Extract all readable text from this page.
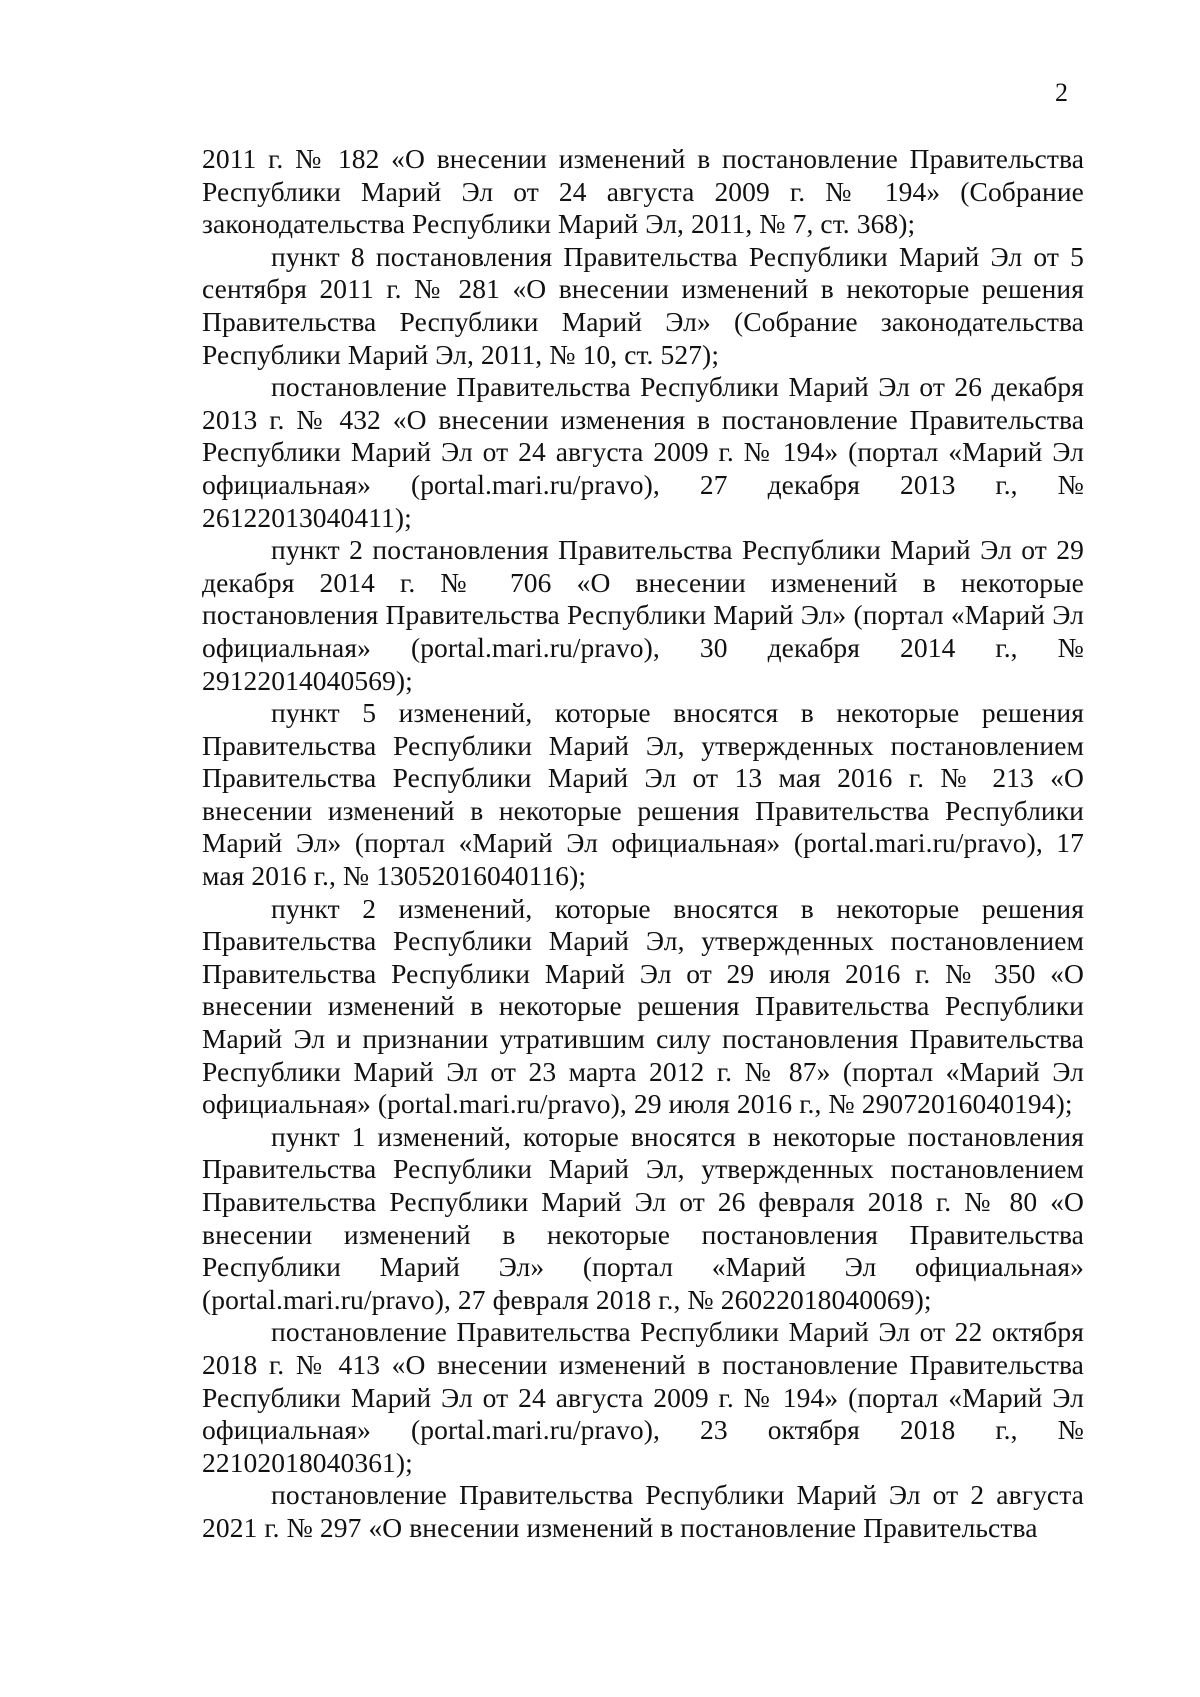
2

2011 г. № 182 «О внесении изменений в постановление Правительства Республики Марий Эл от 24 августа 2009 г. № 194» (Собрание законодательства Республики Марий Эл, 2011, № 7, ст. 368);

пункт 8 постановления Правительства Республики Марий Эл от 5 сентября 2011 г. № 281 «О внесении изменений в некоторые решения Правительства Республики Марий Эл» (Собрание законодательства Республики Марий Эл, 2011, № 10, ст. 527);

постановление Правительства Республики Марий Эл от 26 декабря 2013 г. № 432 «О внесении изменения в постановление Правительства Республики Марий Эл от 24 августа 2009 г. № 194» (портал «Марий Эл официальная» (portal.mari.ru/pravo), 27 декабря 2013 г., № 26122013040411);

пункт 2 постановления Правительства Республики Марий Эл от 29 декабря 2014 г. № 706 «О внесении изменений в некоторые постановления Правительства Республики Марий Эл» (портал «Марий Эл официальная» (portal.mari.ru/pravo), 30 декабря 2014 г., № 29122014040569);

пункт 5 изменений, которые вносятся в некоторые решения Правительства Республики Марий Эл, утвержденных постановлением Правительства Республики Марий Эл от 13 мая 2016 г. № 213 «О внесении изменений в некоторые решения Правительства Республики Марий Эл» (портал «Марий Эл официальная» (portal.mari.ru/pravo), 17 мая 2016 г., № 13052016040116);

пункт 2 изменений, которые вносятся в некоторые решения Правительства Республики Марий Эл, утвержденных постановлением Правительства Республики Марий Эл от 29 июля 2016 г. № 350 «О внесении изменений в некоторые решения Правительства Республики Марий Эл и признании утратившим силу постановления Правительства Республики Марий Эл от 23 марта 2012 г. № 87» (портал «Марий Эл официальная» (portal.mari.ru/pravo), 29 июля 2016 г., № 29072016040194);

пункт 1 изменений, которые вносятся в некоторые постановления Правительства Республики Марий Эл, утвержденных постановлением Правительства Республики Марий Эл от 26 февраля 2018 г. № 80 «О внесении изменений в некоторые постановления Правительства Республики Марий Эл» (портал «Марий Эл официальная» (portal.mari.ru/pravo), 27 февраля 2018 г., № 26022018040069);

постановление Правительства Республики Марий Эл от 22 октября 2018 г. № 413 «О внесении изменений в постановление Правительства Республики Марий Эл от 24 августа 2009 г. № 194» (портал «Марий Эл официальная» (portal.mari.ru/pravo), 23 октября 2018 г., № 22102018040361);

постановление Правительства Республики Марий Эл от 2 августа 2021 г. № 297 «О внесении изменений в постановление Правительства
